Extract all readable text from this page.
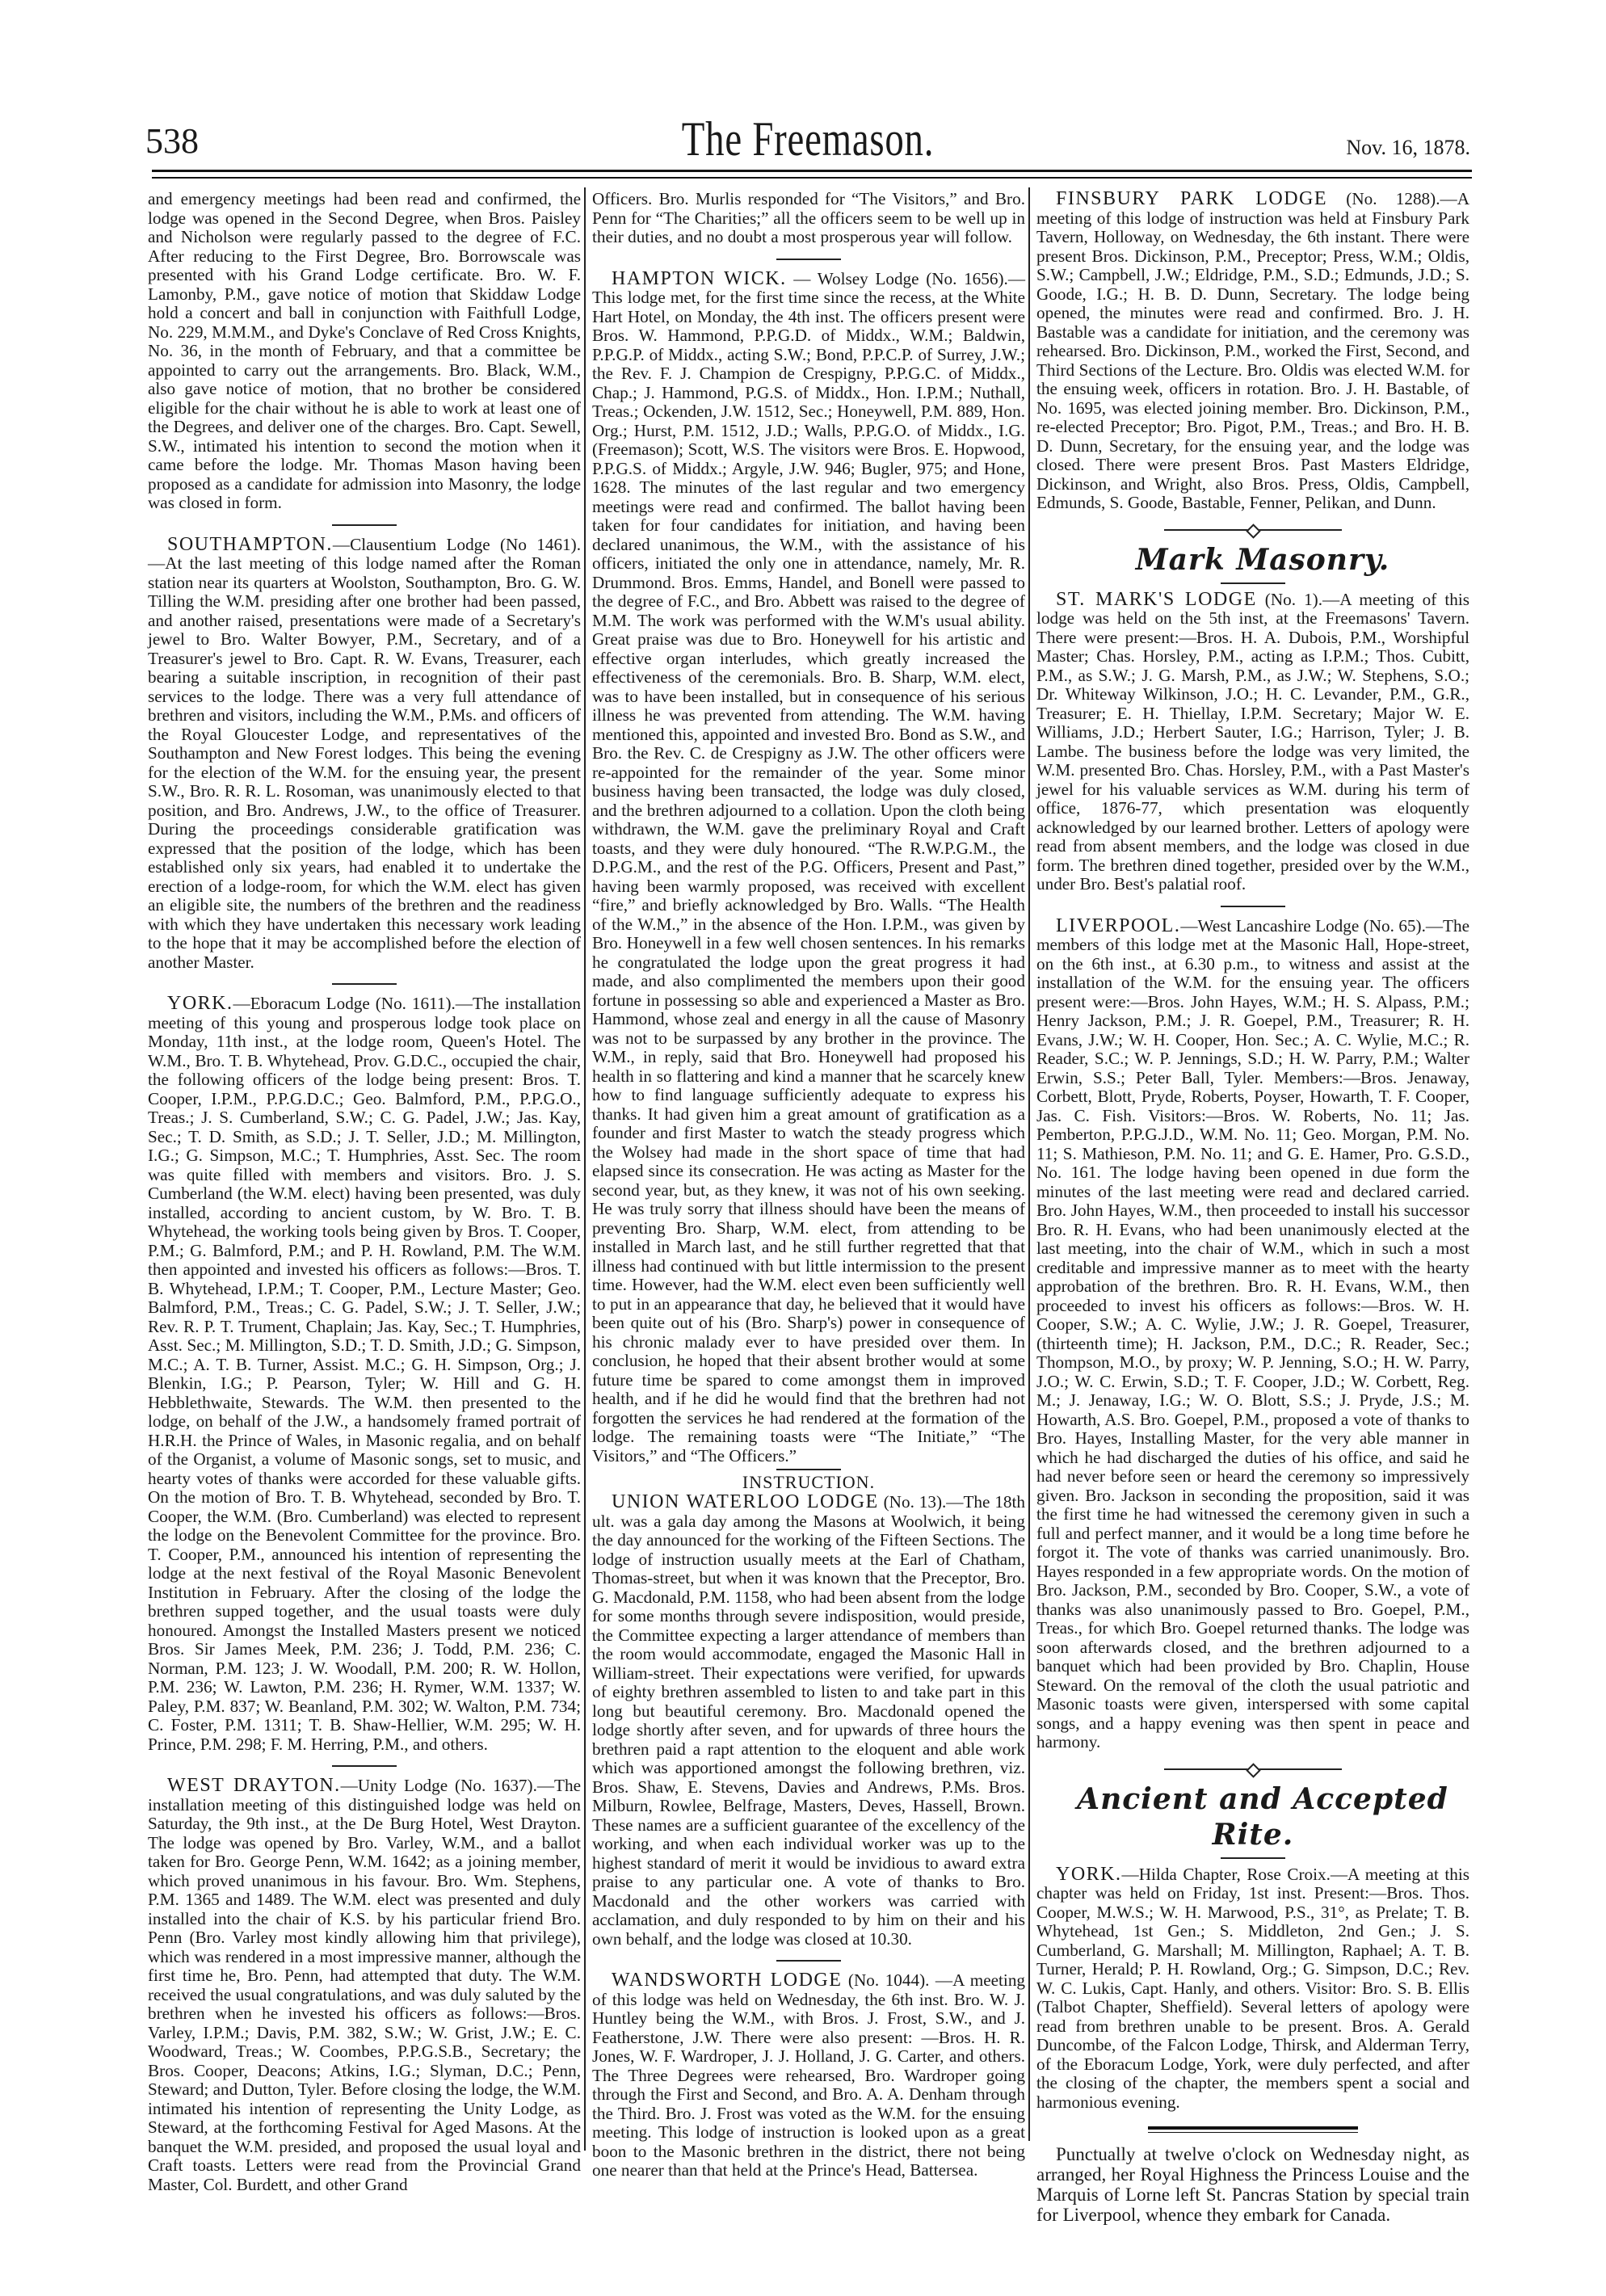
538	The Freemason.	Nov. 16, 1878.

and emergency meetings had been read and confirmed, the lodge was opened in the Second Degree, when Bros. Paisley and Nicholson were regularly passed to the degree of F.C. After reducing to the First Degree, Bro. Borrowscale was presented with his Grand Lodge certificate. Bro. W. F. Lamonby, P.M., gave notice of motion that Skiddaw Lodge hold a concert and ball in conjunction with Faithfull Lodge, No. 229, M.M.M., and Dyke's Conclave of Red Cross Knights, No. 36, in the month of February, and that a committee be appointed to carry out the arrangements. Bro. Black, W.M., also gave notice of motion, that no brother be considered eligible for the chair without he is able to work at least one of the Degrees, and deliver one of the charges. Bro. Capt. Sewell, S.W., intimated his intention to second the motion when it came before the lodge. Mr. Thomas Mason having been proposed as a candidate for admission into Masonry, the lodge was closed in form.

SOUTHAMPTON.—Clausentium Lodge (No 1461).—At the last meeting of this lodge named after the Roman station near its quarters at Woolston, Southampton, Bro. G. W. Tilling the W.M. presiding after one brother had been passed, and another raised, presentations were made of a Secretary's jewel to Bro. Walter Bowyer, P.M., Secretary, and of a Treasurer's jewel to Bro. Capt. R. W. Evans, Treasurer, each bearing a suitable inscription, in recognition of their past services to the lodge. There was a very full attendance of brethren and visitors, including the W.M., P.Ms. and officers of the Royal Gloucester Lodge, and representatives of the Southampton and New Forest lodges. This being the evening for the election of the W.M. for the ensuing year, the present S.W., Bro. R. R. L. Rosoman, was unanimously elected to that position, and Bro. Andrews, J.W., to the office of Treasurer. During the proceedings considerable gratification was expressed that the position of the lodge, which has been established only six years, had enabled it to undertake the erection of a lodge-room, for which the W.M. elect has given an eligible site, the numbers of the brethren and the readiness with which they have undertaken this necessary work leading to the hope that it may be accomplished before the election of another Master.

YORK.—Eboracum Lodge (No. 1611).—The installation meeting of this young and prosperous lodge took place on Monday, 11th inst., at the lodge room, Queen's Hotel. The W.M., Bro. T. B. Whytehead, Prov. G.D.C., occupied the chair, the following officers of the lodge being present: Bros. T. Cooper, I.P.M., P.P.G.D.C.; Geo. Balmford, P.M., P.P.G.O., Treas.; J. S. Cumberland, S.W.; C. G. Padel, J.W.; Jas. Kay, Sec.; T. D. Smith, as S.D.; J. T. Seller, J.D.; M. Millington, I.G.; G. Simpson, M.C.; T. Humphries, Asst. Sec. The room was quite filled with members and visitors. Bro. J. S. Cumberland (the W.M. elect) having been presented, was duly installed, according to ancient custom, by W. Bro. T. B. Whytehead, the working tools being given by Bros. T. Cooper, P.M.; G. Balmford, P.M.; and P. H. Rowland, P.M. The W.M. then appointed and invested his officers as follows:—Bros. T. B. Whytehead, I.P.M.; T. Cooper, P.M., Lecture Master; Geo. Balmford, P.M., Treas.; C. G. Padel, S.W.; J. T. Seller, J.W.; Rev. R. P. T. Trument, Chaplain; Jas. Kay, Sec.; T. Humphries, Asst. Sec.; M. Millington, S.D.; T. D. Smith, J.D.; G. Simpson, M.C.; A. T. B. Turner, Assist. M.C.; G. H. Simpson, Org.; J. Blenkin, I.G.; P. Pearson, Tyler; W. Hill and G. H. Hebblethwaite, Stewards. The W.M. then presented to the lodge, on behalf of the J.W., a handsomely framed portrait of H.R.H. the Prince of Wales, in Masonic regalia, and on behalf of the Organist, a volume of Masonic songs, set to music, and hearty votes of thanks were accorded for these valuable gifts. On the motion of Bro. T. B. Whytehead, seconded by Bro. T. Cooper, the W.M. (Bro. Cumberland) was elected to represent the lodge on the Benevolent Committee for the province. Bro. T. Cooper, P.M., announced his intention of representing the lodge at the next festival of the Royal Masonic Benevolent Institution in February. After the closing of the lodge the brethren supped together, and the usual toasts were duly honoured. Amongst the Installed Masters present we noticed Bros. Sir James Meek, P.M. 236; J. Todd, P.M. 236; C. Norman, P.M. 123; J. W. Woodall, P.M. 200; R. W. Hollon, P.M. 236; W. Lawton, P.M. 236; H. Rymer, W.M. 1337; W. Paley, P.M. 837; W. Beanland, P.M. 302; W. Walton, P.M. 734; C. Foster, P.M. 1311; T. B. Shaw-Hellier, W.M. 295; W. H. Prince, P.M. 298; F. M. Herring, P.M., and others.

WEST DRAYTON.—Unity Lodge (No. 1637).—The installation meeting of this distinguished lodge was held on Saturday, the 9th inst., at the De Burg Hotel, West Drayton. The lodge was opened by Bro. Varley, W.M., and a ballot taken for Bro. George Penn, W.M. 1642; as a joining member, which proved unanimous in his favour. Bro. Wm. Stephens, P.M. 1365 and 1489. The W.M. elect was presented and duly installed into the chair of K.S. by his particular friend Bro. Penn (Bro. Varley most kindly allowing him that privilege), which was rendered in a most impressive manner, although the first time he, Bro. Penn, had attempted that duty. The W.M. received the usual congratulations, and was duly saluted by the brethren when he invested his officers as follows:—Bros. Varley, I.P.M.; Davis, P.M. 382, S.W.; W. Grist, J.W.; E. C. Woodward, Treas.; W. Coombes, P.P.G.S.B., Secretary; the Bros. Cooper, Deacons; Atkins, I.G.; Slyman, D.C.; Penn, Steward; and Dutton, Tyler. Before closing the lodge, the W.M. intimated his intention of representing the Unity Lodge, as Steward, at the forthcoming Festival for Aged Masons. At the banquet the W.M. presided, and proposed the usual loyal and Craft toasts. Letters were read from the Provincial Grand Master, Col. Burdett, and other Grand

Officers. Bro. Murlis responded for “The Visitors,” and Bro. Penn for “The Charities;” all the officers seem to be well up in their duties, and no doubt a most prosperous year will follow.

HAMPTON WICK. — Wolsey Lodge (No. 1656).—This lodge met, for the first time since the recess, at the White Hart Hotel, on Monday, the 4th inst. The officers present were Bros. W. Hammond, P.P.G.D. of Middx., W.M.; Baldwin, P.P.G.P. of Middx., acting S.W.; Bond, P.P.C.P. of Surrey, J.W.; the Rev. F. J. Champion de Crespigny, P.P.G.C. of Middx., Chap.; J. Hammond, P.G.S. of Middx., Hon. I.P.M.; Nuthall, Treas.; Ockenden, J.W. 1512, Sec.; Honeywell, P.M. 889, Hon. Org.; Hurst, P.M. 1512, J.D.; Walls, P.P.G.O. of Middx., I.G. (Freemason); Scott, W.S. The visitors were Bros. E. Hopwood, P.P.G.S. of Middx.; Argyle, J.W. 946; Bugler, 975; and Hone, 1628. The minutes of the last regular and two emergency meetings were read and confirmed. The ballot having been taken for four candidates for initiation, and having been declared unanimous, the W.M., with the assistance of his officers, initiated the only one in attendance, namely, Mr. R. Drummond. Bros. Emms, Handel, and Bonell were passed to the degree of F.C., and Bro. Abbett was raised to the degree of M.M. The work was performed with the W.M's usual ability. Great praise was due to Bro. Honeywell for his artistic and effective organ interludes, which greatly increased the effectiveness of the ceremonials. Bro. B. Sharp, W.M. elect, was to have been installed, but in consequence of his serious illness he was prevented from attending. The W.M. having mentioned this, appointed and invested Bro. Bond as S.W., and Bro. the Rev. C. de Crespigny as J.W. The other officers were re-appointed for the remainder of the year. Some minor business having been transacted, the lodge was duly closed, and the brethren adjourned to a collation. Upon the cloth being withdrawn, the W.M. gave the preliminary Royal and Craft toasts, and they were duly honoured. “The R.W.P.G.M., the D.P.G.M., and the rest of the P.G. Officers, Present and Past,” having been warmly proposed, was received with excellent “fire,” and briefly acknowledged by Bro. Walls. “The Health of the W.M.,” in the absence of the Hon. I.P.M., was given by Bro. Honeywell in a few well chosen sentences. In his remarks he congratulated the lodge upon the great progress it had made, and also complimented the members upon their good fortune in possessing so able and experienced a Master as Bro. Hammond, whose zeal and energy in all the cause of Masonry was not to be surpassed by any brother in the province. The W.M., in reply, said that Bro. Honeywell had proposed his health in so flattering and kind a manner that he scarcely knew how to find language sufficiently adequate to express his thanks. It had given him a great amount of gratification as a founder and first Master to watch the steady progress which the Wolsey had made in the short space of time that had elapsed since its consecration. He was acting as Master for the second year, but, as they knew, it was not of his own seeking. He was truly sorry that illness should have been the means of preventing Bro. Sharp, W.M. elect, from attending to be installed in March last, and he still further regretted that that illness had continued with but little intermission to the present time. However, had the W.M. elect even been sufficiently well to put in an appearance that day, he believed that it would have been quite out of his (Bro. Sharp's) power in consequence of his chronic malady ever to have presided over them. In conclusion, he hoped that their absent brother would at some future time be spared to come amongst them in improved health, and if he did he would find that the brethren had not forgotten the services he had rendered at the formation of the lodge. The remaining toasts were “The Initiate,” “The Visitors,” and “The Officers.”

INSTRUCTION.

UNION WATERLOO LODGE (No. 13).—The 18th ult. was a gala day among the Masons at Woolwich, it being the day announced for the working of the Fifteen Sections. The lodge of instruction usually meets at the Earl of Chatham, Thomas-street, but when it was known that the Preceptor, Bro. G. Macdonald, P.M. 1158, who had been absent from the lodge for some months through severe indisposition, would preside, the Committee expecting a larger attendance of members than the room would accommodate, engaged the Masonic Hall in William-street. Their expectations were verified, for upwards of eighty brethren assembled to listen to and take part in this long but beautiful ceremony. Bro. Macdonald opened the lodge shortly after seven, and for upwards of three hours the brethren paid a rapt attention to the eloquent and able work which was apportioned amongst the following brethren, viz. Bros. Shaw, E. Stevens, Davies and Andrews, P.Ms. Bros. Milburn, Rowlee, Belfrage, Masters, Deves, Hassell, Brown. These names are a sufficient guarantee of the excellency of the working, and when each individual worker was up to the highest standard of merit it would be invidious to award extra praise to any particular one. A vote of thanks to Bro. Macdonald and the other workers was carried with acclamation, and duly responded to by him on their and his own behalf, and the lodge was closed at 10.30.

WANDSWORTH LODGE (No. 1044). —A meeting of this lodge was held on Wednesday, the 6th inst. Bro. W. J. Huntley being the W.M., with Bros. J. Frost, S.W., and J. Featherstone, J.W. There were also present: —Bros. H. R. Jones, W. F. Wardroper, J. J. Holland, J. G. Carter, and others. The Three Degrees were rehearsed, Bro. Wardroper going through the First and Second, and Bro. A. A. Denham through the Third. Bro. J. Frost was voted as the W.M. for the ensuing meeting. This lodge of instruction is looked upon as a great boon to the Masonic brethren in the district, there not being one nearer than that held at the Prince's Head, Battersea.

FINSBURY PARK LODGE (No. 1288).—A meeting of this lodge of instruction was held at Finsbury Park Tavern, Holloway, on Wednesday, the 6th instant. There were present Bros. Dickinson, P.M., Preceptor; Press, W.M.; Oldis, S.W.; Campbell, J.W.; Eldridge, P.M., S.D.; Edmunds, J.D.; S. Goode, I.G.; H. B. D. Dunn, Secretary. The lodge being opened, the minutes were read and confirmed. Bro. J. H. Bastable was a candidate for initiation, and the ceremony was rehearsed. Bro. Dickinson, P.M., worked the First, Second, and Third Sections of the Lecture. Bro. Oldis was elected W.M. for the ensuing week, officers in rotation. Bro. J. H. Bastable, of No. 1695, was elected joining member. Bro. Dickinson, P.M., re-elected Preceptor; Bro. Pigot, P.M., Treas.; and Bro. H. B. D. Dunn, Secretary, for the ensuing year, and the lodge was closed. There were present Bros. Past Masters Eldridge, Dickinson, and Wright, also Bros. Press, Oldis, Campbell, Edmunds, S. Goode, Bastable, Fenner, Pelikan, and Dunn.

Mark Masonry.

ST. MARK'S LODGE (No. 1).—A meeting of this lodge was held on the 5th inst, at the Freemasons' Tavern. There were present:—Bros. H. A. Dubois, P.M., Worshipful Master; Chas. Horsley, P.M., acting as I.P.M.; Thos. Cubitt, P.M., as S.W.; J. G. Marsh, P.M., as J.W.; W. Stephens, S.O.; Dr. Whiteway Wilkinson, J.O.; H. C. Levander, P.M., G.R., Treasurer; E. H. Thiellay, I.P.M. Secretary; Major W. E. Williams, J.D.; Herbert Sauter, I.G.; Harrison, Tyler; J. B. Lambe. The business before the lodge was very limited, the W.M. presented Bro. Chas. Horsley, P.M., with a Past Master's jewel for his valuable services as W.M. during his term of office, 1876-77, which presentation was eloquently acknowledged by our learned brother. Letters of apology were read from absent members, and the lodge was closed in due form. The brethren dined together, presided over by the W.M., under Bro. Best's palatial roof.

LIVERPOOL.—West Lancashire Lodge (No. 65).—The members of this lodge met at the Masonic Hall, Hope-street, on the 6th inst., at 6.30 p.m., to witness and assist at the installation of the W.M. for the ensuing year. The officers present were:—Bros. John Hayes, W.M.; H. S. Alpass, P.M.; Henry Jackson, P.M.; J. R. Goepel, P.M., Treasurer; R. H. Evans, J.W.; W. H. Cooper, Hon. Sec.; A. C. Wylie, M.C.; R. Reader, S.C.; W. P. Jennings, S.D.; H. W. Parry, P.M.; Walter Erwin, S.S.; Peter Ball, Tyler. Members:—Bros. Jenaway, Corbett, Blott, Pryde, Roberts, Poyser, Howarth, T. F. Cooper, Jas. C. Fish. Visitors:—Bros. W. Roberts, No. 11; Jas. Pemberton, P.P.G.J.D., W.M. No. 11; Geo. Morgan, P.M. No. 11; S. Mathieson, P.M. No. 11; and G. E. Hamer, Pro. G.S.D., No. 161. The lodge having been opened in due form the minutes of the last meeting were read and declared carried. Bro. John Hayes, W.M., then proceeded to install his successor Bro. R. H. Evans, who had been unanimously elected at the last meeting, into the chair of W.M., which in such a most creditable and impressive manner as to meet with the hearty approbation of the brethren. Bro. R. H. Evans, W.M., then proceeded to invest his officers as follows:—Bros. W. H. Cooper, S.W.; A. C. Wylie, J.W.; J. R. Goepel, Treasurer, (thirteenth time); H. Jackson, P.M., D.C.; R. Reader, Sec.; Thompson, M.O., by proxy; W. P. Jenning, S.O.; H. W. Parry, J.O.; W. C. Erwin, S.D.; T. F. Cooper, J.D.; W. Corbett, Reg. M.; J. Jenaway, I.G.; W. O. Blott, S.S.; J. Pryde, J.S.; M. Howarth, A.S. Bro. Goepel, P.M., proposed a vote of thanks to Bro. Hayes, Installing Master, for the very able manner in which he had discharged the duties of his office, and said he had never before seen or heard the ceremony so impressively given. Bro. Jackson in seconding the proposition, said it was the first time he had witnessed the ceremony given in such a full and perfect manner, and it would be a long time before he forgot it. The vote of thanks was carried unanimously. Bro. Hayes responded in a few appropriate words. On the motion of Bro. Jackson, P.M., seconded by Bro. Cooper, S.W., a vote of thanks was also unanimously passed to Bro. Goepel, P.M., Treas., for which Bro. Goepel returned thanks. The lodge was soon afterwards closed, and the brethren adjourned to a banquet which had been provided by Bro. Chaplin, House Steward. On the removal of the cloth the usual patriotic and Masonic toasts were given, interspersed with some capital songs, and a happy evening was then spent in peace and harmony.

Ancient and Accepted Rite.

YORK.—Hilda Chapter, Rose Croix.—A meeting at this chapter was held on Friday, 1st inst. Present:—Bros. Thos. Cooper, M.W.S.; W. H. Marwood, P.S., 31°, as Prelate; T. B. Whytehead, 1st Gen.; S. Middleton, 2nd Gen.; J. S. Cumberland, G. Marshall; M. Millington, Raphael; A. T. B. Turner, Herald; P. H. Rowland, Org.; G. Simpson, D.C.; Rev. W. C. Lukis, Capt. Hanly, and others. Visitor: Bro. S. B. Ellis (Talbot Chapter, Sheffield). Several letters of apology were read from brethren unable to be present. Bros. A. Gerald Duncombe, of the Falcon Lodge, Thirsk, and Alderman Terry, of the Eboracum Lodge, York, were duly perfected, and after the closing of the chapter, the members spent a social and harmonious evening.

Punctually at twelve o'clock on Wednesday night, as arranged, her Royal Highness the Princess Louise and the Marquis of Lorne left St. Pancras Station by special train for Liverpool, whence they embark for Canada.
